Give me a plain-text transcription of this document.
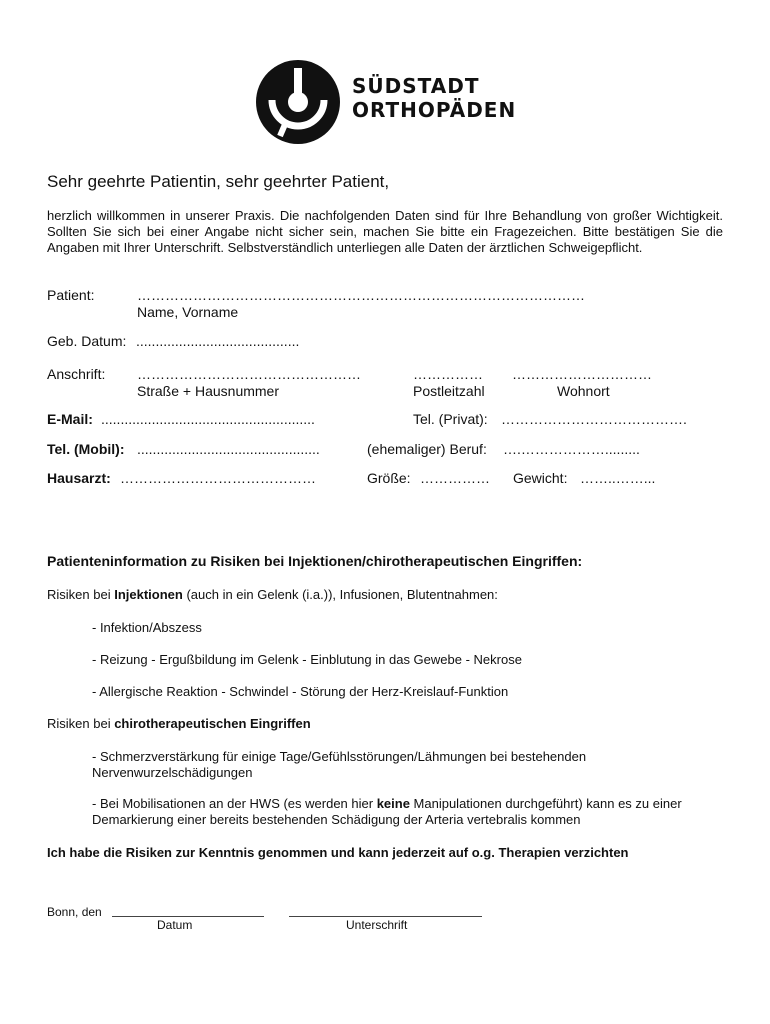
SÜDSTADT
ORTHOPÄDEN
Sehr geehrte Patientin, sehr geehrter Patient,
herzlich willkommen in unserer Praxis. Die nachfolgenden Daten sind für Ihre Behandlung von großer Wichtigkeit. Sollten Sie sich bei einer Angabe nicht sicher sein, machen Sie bitte ein Fragezeichen. Bitte bestätigen Sie die Angaben mit Ihrer Unterschrift. Selbstverständlich unterliegen alle Daten der ärztlichen Schweigepflicht.
Patient:	……………………………………………………………………………………
Name, Vorname
Geb. Datum: ..........................................
Anschrift: …………………………………………	…………… …………………………
Straße + Hausnummer	Postleitzahl	Wohnort
E-Mail: .......................................................	Tel. (Privat): ………………………………….
Tel. (Mobil): ...............................................	(ehemaliger) Beruf: ….……………….........
Hausarzt: ……………………………………	Größe: …………… Gewicht: ……..……...
Patienteninformation zu Risiken bei Injektionen/chirotherapeutischen Eingriffen:
Risiken bei Injektionen (auch in ein Gelenk (i.a.)), Infusionen, Blutentnahmen:
- Infektion/Abszess
- Reizung - Ergußbildung im Gelenk - Einblutung in das Gewebe - Nekrose
- Allergische Reaktion - Schwindel - Störung der Herz-Kreislauf-Funktion
Risiken bei chirotherapeutischen Eingriffen
- Schmerzverstärkung für einige Tage/Gefühlsstörungen/Lähmungen bei bestehenden Nervenwurzelschädigungen
- Bei Mobilisationen an der HWS (es werden hier keine Manipulationen durchgeführt) kann es zu einer Demarkierung einer bereits bestehenden Schädigung der Arteria vertebralis kommen
Ich habe die Risiken zur Kenntnis genommen und kann jederzeit auf o.g. Therapien verzichten
Bonn, den
Datum	Unterschrift
